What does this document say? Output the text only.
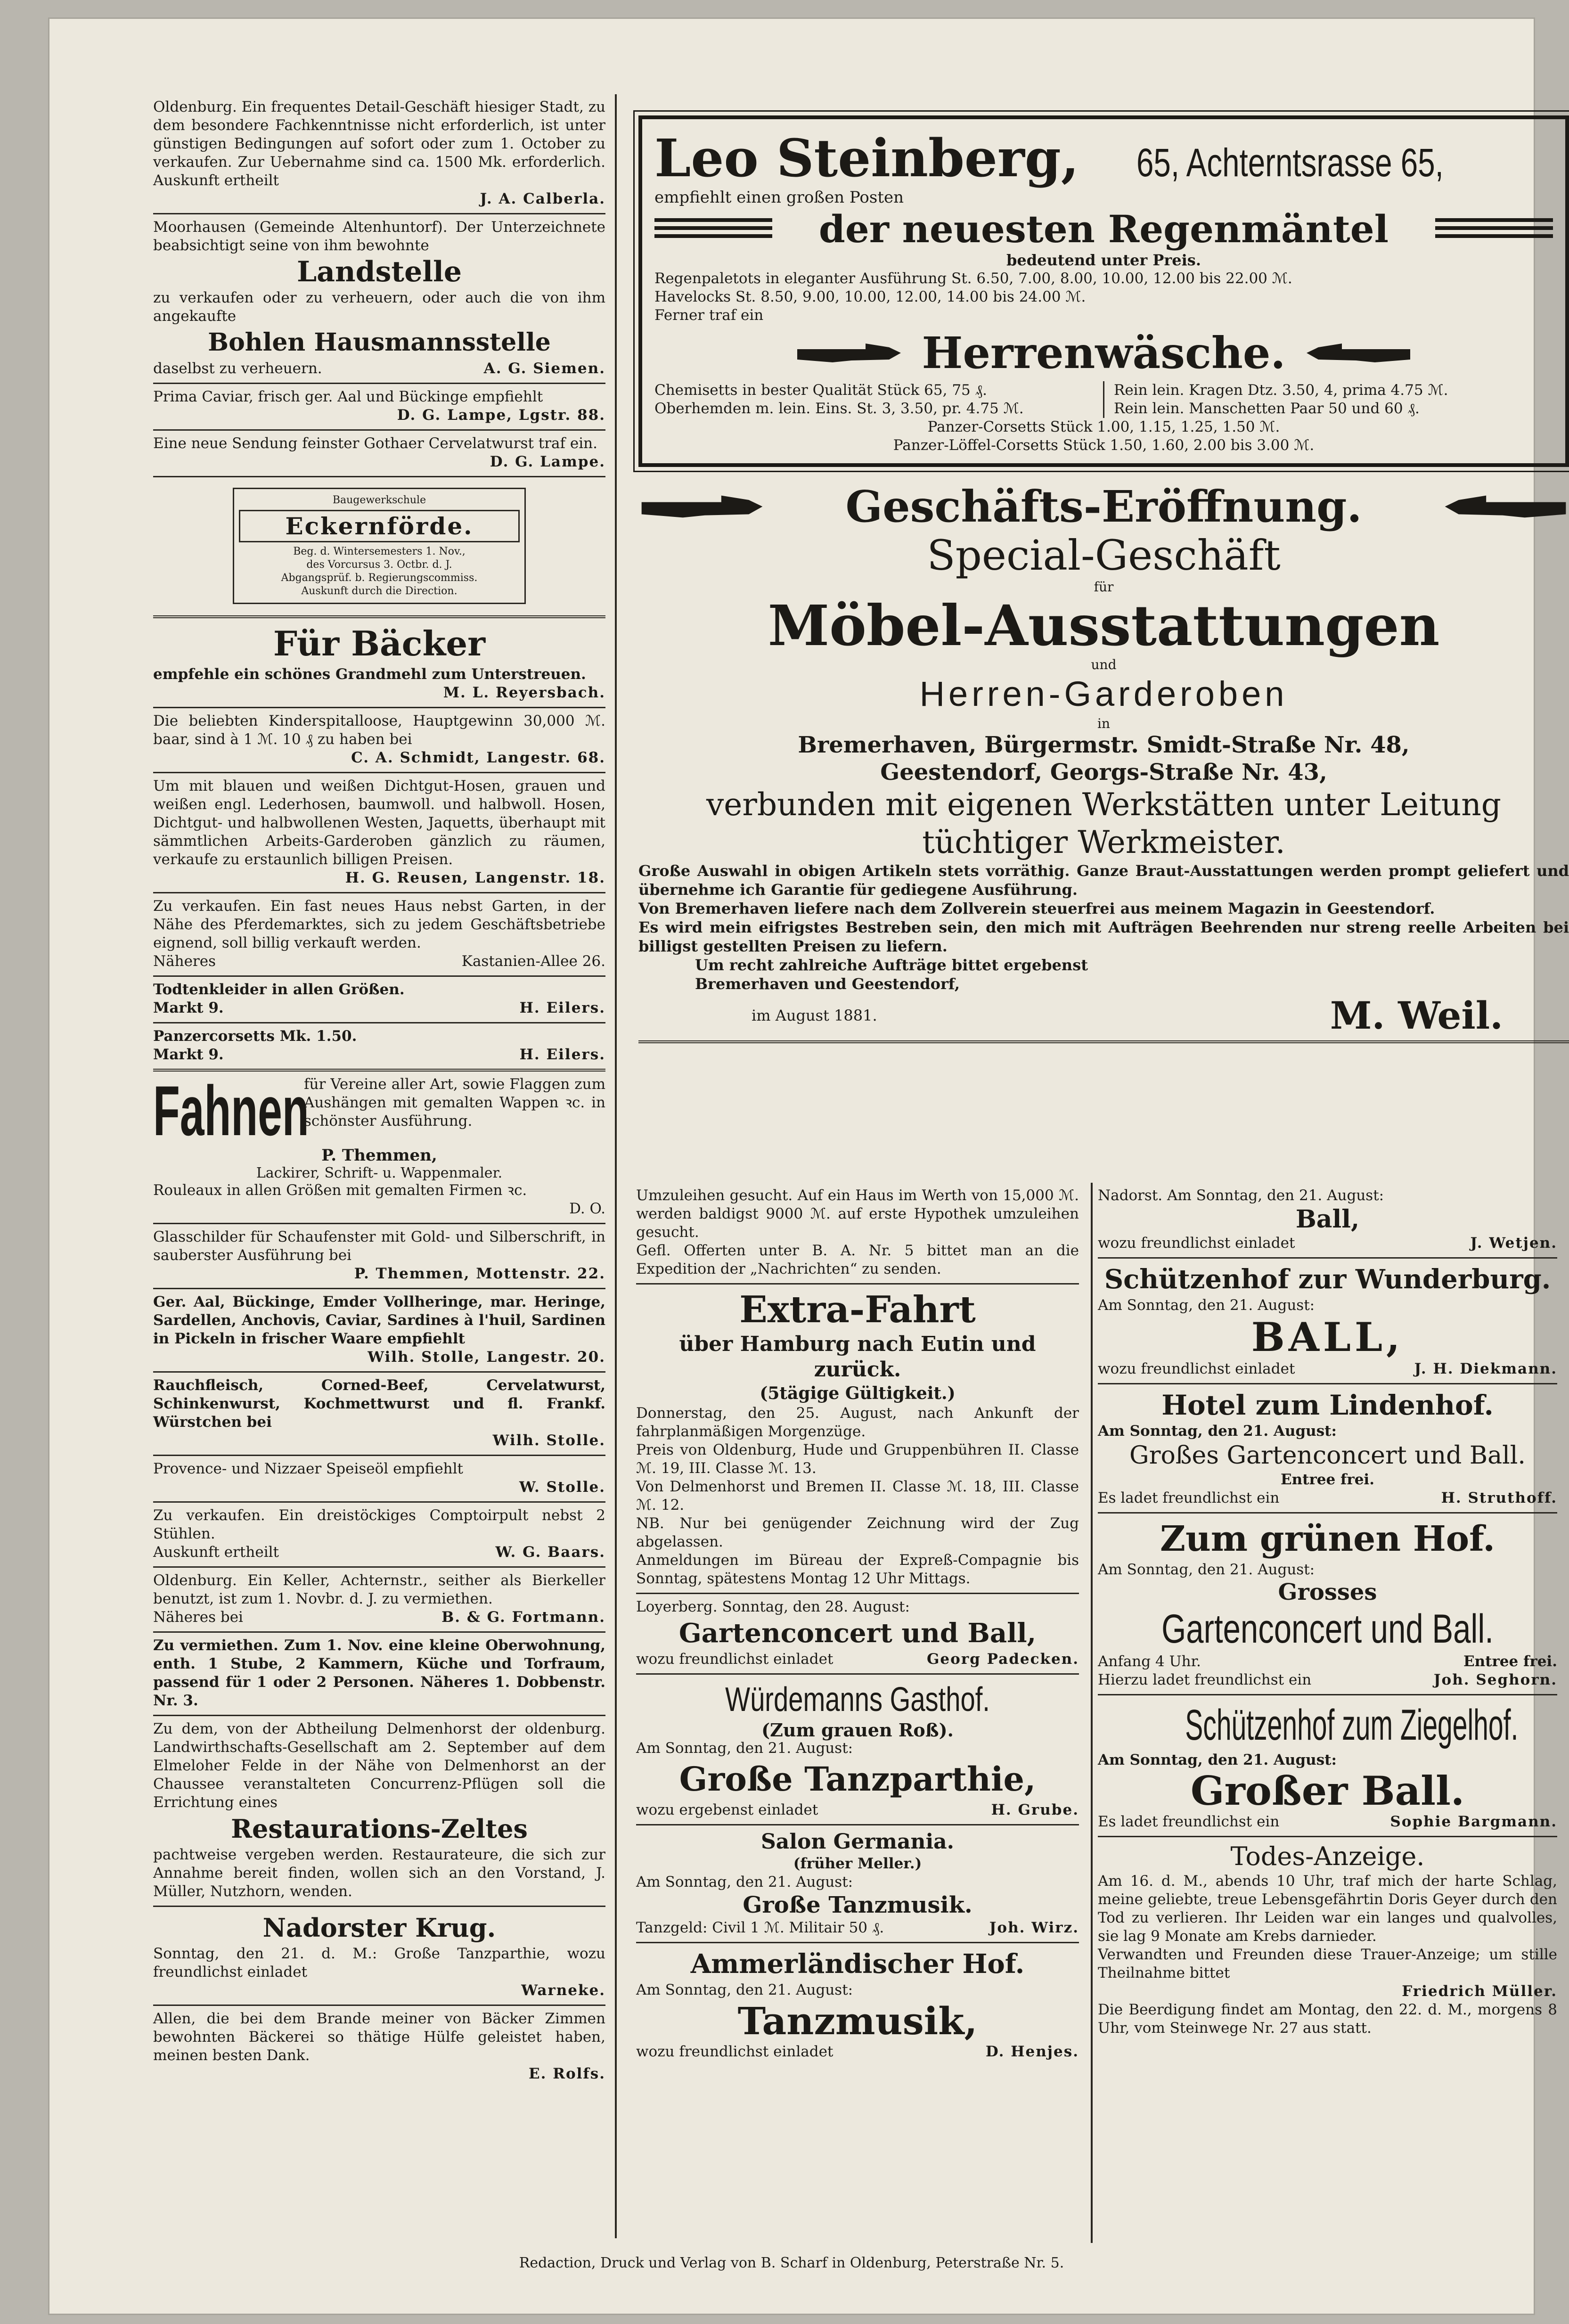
Oldenburg. Ein frequentes Detail-Geschäft hiesiger Stadt, zu dem besondere Fachkenntnisse nicht erforderlich, ist unter günstigen Bedingungen auf sofort oder zum 1. October zu verkaufen. Zur Uebernahme sind ca. 1500 Mk. erforderlich. Auskunft ertheilt

J. A. Calberla.

Moorhausen (Gemeinde Altenhuntorf). Der Unterzeichnete beabsichtigt seine von ihm bewohnte

Landstelle

zu verkaufen oder zu verheuern, oder auch die von ihm angekaufte

Bohlen Hausmannsstelle
daselbst zu verheuern.	A. G. Siemen.

Prima Caviar, frisch ger. Aal und Bückinge empfiehlt

D. G. Lampe, Lgstr. 88.

Eine neue Sendung feinster Gothaer Cervelatwurst traf ein.

D. G. Lampe.
Baugewerkschule
Eckernförde.
Beg. d. Wintersemesters 1. Nov.,
des Vorcursus 3. Octbr. d. J.
Abgangsprüf. b. Regierungscommiss.
Auskunft durch die Direction.
Für Bäcker

empfehle ein schönes Grandmehl zum Unterstreuen.

M. L. Reyersbach.

Die beliebten Kinderspitalloose, Hauptgewinn 30,000 ℳ. baar, sind à 1 ℳ. 10 ₰ zu haben bei

C. A. Schmidt, Langestr. 68.

Um mit blauen und weißen Dichtgut-Hosen, grauen und weißen engl. Lederhosen, baumwoll. und halbwoll. Hosen, Dichtgut- und halbwollenen Westen, Jaquetts, überhaupt mit sämmtlichen Arbeits-Garderoben gänzlich zu räumen, verkaufe zu erstaunlich billigen Preisen.

H. G. Reusen, Langenstr. 18.

Zu verkaufen. Ein fast neues Haus nebst Garten, in der Nähe des Pferdemarktes, sich zu jedem Geschäftsbetriebe eignend, soll billig verkauft werden.

Näheres	Kastanien-Allee 26.

Todtenkleider in allen Größen.

Markt 9.	H. Eilers.

Panzercorsetts Mk. 1.50.

Markt 9.	H. Eilers.
Fahnen

für Vereine aller Art, sowie Flaggen zum Aushängen mit gemalten Wappen ꝛc. in schönster Ausführung.

P. Themmen,
Lackirer, Schrift- u. Wappenmaler.

Rouleaux in allen Größen mit gemalten Firmen ꝛc.

D. O.

Glasschilder für Schaufenster mit Gold- und Silberschrift, in sauberster Ausführung bei

P. Themmen, Mottenstr. 22.

Ger. Aal, Bückinge, Emder Vollheringe, mar. Heringe, Sardellen, Anchovis, Caviar, Sardines à l'huil, Sardinen in Pickeln in frischer Waare empfiehlt

Wilh. Stolle, Langestr. 20.

Rauchfleisch, Corned-Beef, Cervelatwurst, Schinkenwurst, Kochmettwurst und fl. Frankf. Würstchen bei

Wilh. Stolle.

Provence- und Nizzaer Speiseöl empfiehlt

W. Stolle.

Zu verkaufen. Ein dreistöckiges Comptoirpult nebst 2 Stühlen.

Auskunft ertheilt	W. G. Baars.

Oldenburg. Ein Keller, Achternstr., seither als Bierkeller benutzt, ist zum 1. Novbr. d. J. zu vermiethen.

Näheres bei	B. & G. Fortmann.

Zu vermiethen. Zum 1. Nov. eine kleine Oberwohnung, enth. 1 Stube, 2 Kammern, Küche und Torfraum, passend für 1 oder 2 Personen. Näheres 1. Dobbenstr. Nr. 3.

Zu dem, von der Abtheilung Delmenhorst der oldenburg. Landwirthschafts-Gesellschaft am 2. September auf dem Elmeloher Felde in der Nähe von Delmenhorst an der Chaussee veranstalteten Concurrenz-Pflügen soll die Errichtung eines

Restaurations-Zeltes

pachtweise vergeben werden. Restaurateure, die sich zur Annahme bereit finden, wollen sich an den Vorstand, J. Müller, Nutzhorn, wenden.

Nadorster Krug.

Sonntag, den 21. d. M.: Große Tanzparthie, wozu freundlichst einladet

Warneke.

Allen, die bei dem Brande meiner von Bäcker Zimmen bewohnten Bäckerei so thätige Hülfe geleistet haben, meinen besten Dank.

E. Rolfs.
Leo Steinberg, 65, Achterntsrasse 65,

empfiehlt einen großen Posten

der neuesten Regenmäntel

bedeutend unter Preis.

Regenpaletots in eleganter Ausführung St. 6.50, 7.00, 8.00, 10.00, 12.00 bis 22.00 ℳ.

Havelocks St. 8.50, 9.00, 10.00, 12.00, 14.00 bis 24.00 ℳ.

Ferner traf ein

Herrenwäsche.

Chemisetts in bester Qualität Stück 65, 75 ₰.

Oberhemden m. lein. Eins. St. 3, 3.50, pr. 4.75 ℳ.

Rein lein. Kragen Dtz. 3.50, 4, prima 4.75 ℳ.

Rein lein. Manschetten Paar 50 und 60 ₰.

Panzer-Corsetts Stück 1.00, 1.15, 1.25, 1.50 ℳ.

Panzer-Löffel-Corsetts Stück 1.50, 1.60, 2.00 bis 3.00 ℳ.

Geschäfts-Eröffnung.
Special-Geschäft
für
Möbel-Ausstattungen
und
Herren-Garderoben
in
Bremerhaven, Bürgermstr. Smidt-Straße Nr. 48,
Geestendorf, Georgs-Straße Nr. 43,
verbunden mit eigenen Werkstätten unter Leitung tüchtiger Werkmeister.

Große Auswahl in obigen Artikeln stets vorräthig. Ganze Braut-Ausstattungen werden prompt geliefert und übernehme ich Garantie für gediegene Ausführung.

Von Bremerhaven liefere nach dem Zollverein steuerfrei aus meinem Magazin in Geestendorf.

Es wird mein eifrigstes Bestreben sein, den mich mit Aufträgen Beehrenden nur streng reelle Arbeiten bei billigst gestellten Preisen zu liefern.

Um recht zahlreiche Aufträge bittet ergebenst

Bremerhaven und Geestendorf,

im August 1881.	M. Weil.

Umzuleihen gesucht. Auf ein Haus im Werth von 15,000 ℳ. werden baldigst 9000 ℳ. auf erste Hypothek umzuleihen gesucht.

Gefl. Offerten unter B. A. Nr. 5 bittet man an die Expedition der „Nachrichten“ zu senden.

Extra-Fahrt

über Hamburg nach Eutin und zurück.

(5tägige Gültigkeit.)

Donnerstag, den 25. August, nach Ankunft der fahrplanmäßigen Morgenzüge.

Preis von Oldenburg, Hude und Gruppenbühren II. Classe ℳ. 19, III. Classe ℳ. 13.

Von Delmenhorst und Bremen II. Classe ℳ. 18, III. Classe ℳ. 12.

NB. Nur bei genügender Zeichnung wird der Zug abgelassen.

Anmeldungen im Büreau der Expreß-Compagnie bis Sonntag, spätestens Montag 12 Uhr Mittags.

Loyerberg. Sonntag, den 28. August:

Gartenconcert und Ball,
wozu freundlichst einladet	Georg Padecken.
Würdemanns Gasthof.

(Zum grauen Roß).

Am Sonntag, den 21. August:

Große Tanzparthie,
wozu ergebenst einladet	H. Grube.
Salon Germania.

(früher Meller.)

Am Sonntag, den 21. August:

Große Tanzmusik.
Tanzgeld: Civil 1 ℳ. Militair 50 ₰.	Joh. Wirz.
Ammerländischer Hof.

Am Sonntag, den 21. August:

Tanzmusik,
wozu freundlichst einladet	D. Henjes.

Nadorst. Am Sonntag, den 21. August:

Ball,
wozu freundlichst einladet	J. Wetjen.
Schützenhof zur Wunderburg.

Am Sonntag, den 21. August:

BALL,
wozu freundlichst einladet	J. H. Diekmann.
Hotel zum Lindenhof.

Am Sonntag, den 21. August:

Großes Gartenconcert und Ball.

Entree frei.

Es ladet freundlichst ein	H. Struthoff.
Zum grünen Hof.

Am Sonntag, den 21. August:

Grosses
Gartenconcert und Ball.
Anfang 4 Uhr.	Entree frei.
Hierzu ladet freundlichst ein	Joh. Seghorn.
Schützenhof zum Ziegelhof.

Am Sonntag, den 21. August:

Großer Ball.
Es ladet freundlichst ein	Sophie Bargmann.
Todes-Anzeige.

Am 16. d. M., abends 10 Uhr, traf mich der harte Schlag, meine geliebte, treue Lebensgefährtin Doris Geyer durch den Tod zu verlieren. Ihr Leiden war ein langes und qualvolles, sie lag 9 Monate am Krebs darnieder.

Verwandten und Freunden diese Trauer-Anzeige; um stille Theilnahme bittet

Friedrich Müller.

Die Beerdigung findet am Montag, den 22. d. M., morgens 8 Uhr, vom Steinwege Nr. 27 aus statt.

Redaction, Druck und Verlag von B. Scharf in Oldenburg, Peterstraße Nr. 5.
